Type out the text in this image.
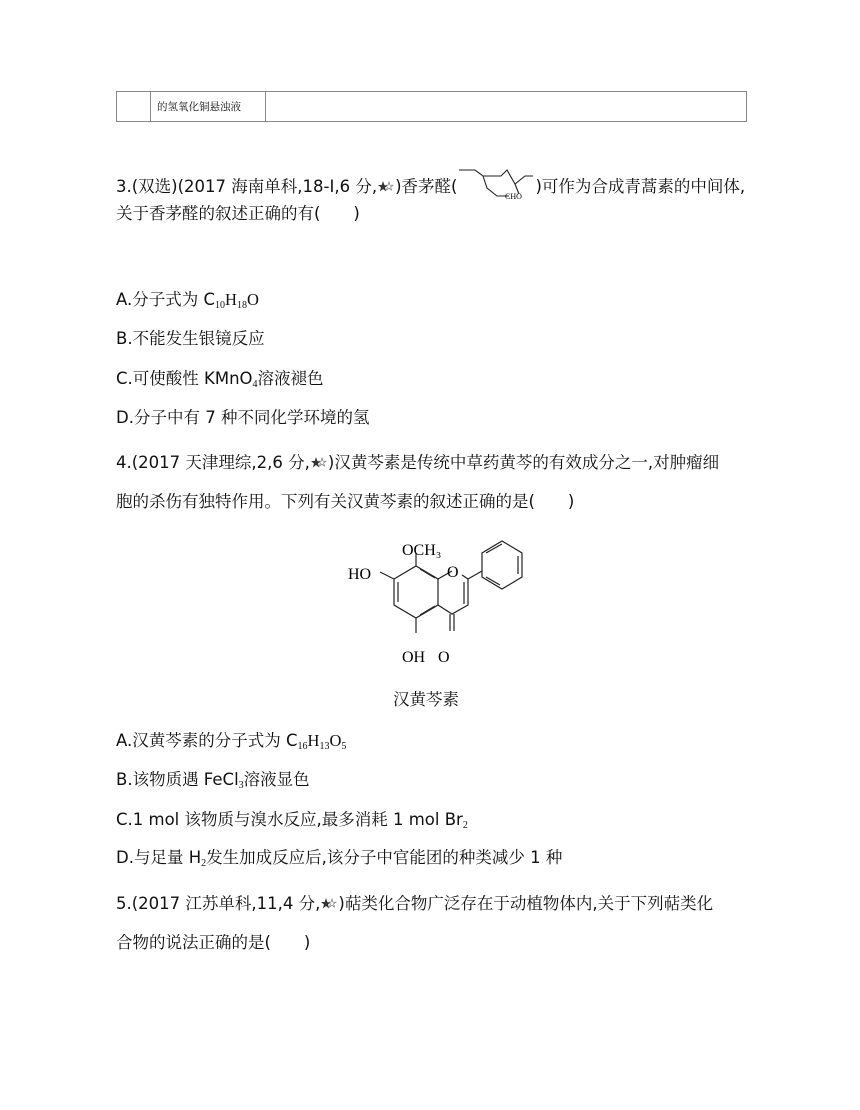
	的氢氧化铜悬浊液	
3.(双选)(2017 海南单科,18-I,6 分, )香茅醛(
CHO
)可作为合成青蒿素的中间体,
关于香茅醛的叙述正确的有(　　)
A.分子式为 $C_{10}H_{18}O$
B.不能发生银镜反应
C.可使酸性 KMnO$_4$溶液褪色
D.分子中有 7 种不同化学环境的氢
4.(2017 天津理综,2,6 分, )汉黄芩素是传统中草药黄芩的有效成分之一,对肿瘤细
胞的杀伤有独特作用。下列有关汉黄芩素的叙述正确的是(　　)
OCH₃
HO	O
OH O
汉黄芩素
A.汉黄芩素的分子式为 $C_{16}H_{13}O_5$
B.该物质遇 FeCl$_3$溶液显色
C.1 mol 该物质与溴水反应,最多消耗 1 mol $Br_2$
D.与足量 $H_2$发生加成反应后,该分子中官能团的种类减少 1 种
5.(2017 江苏单科,11,4 分, )萜类化合物广泛存在于动植物体内,关于下列萜类化
合物的说法正确的是(　　)
